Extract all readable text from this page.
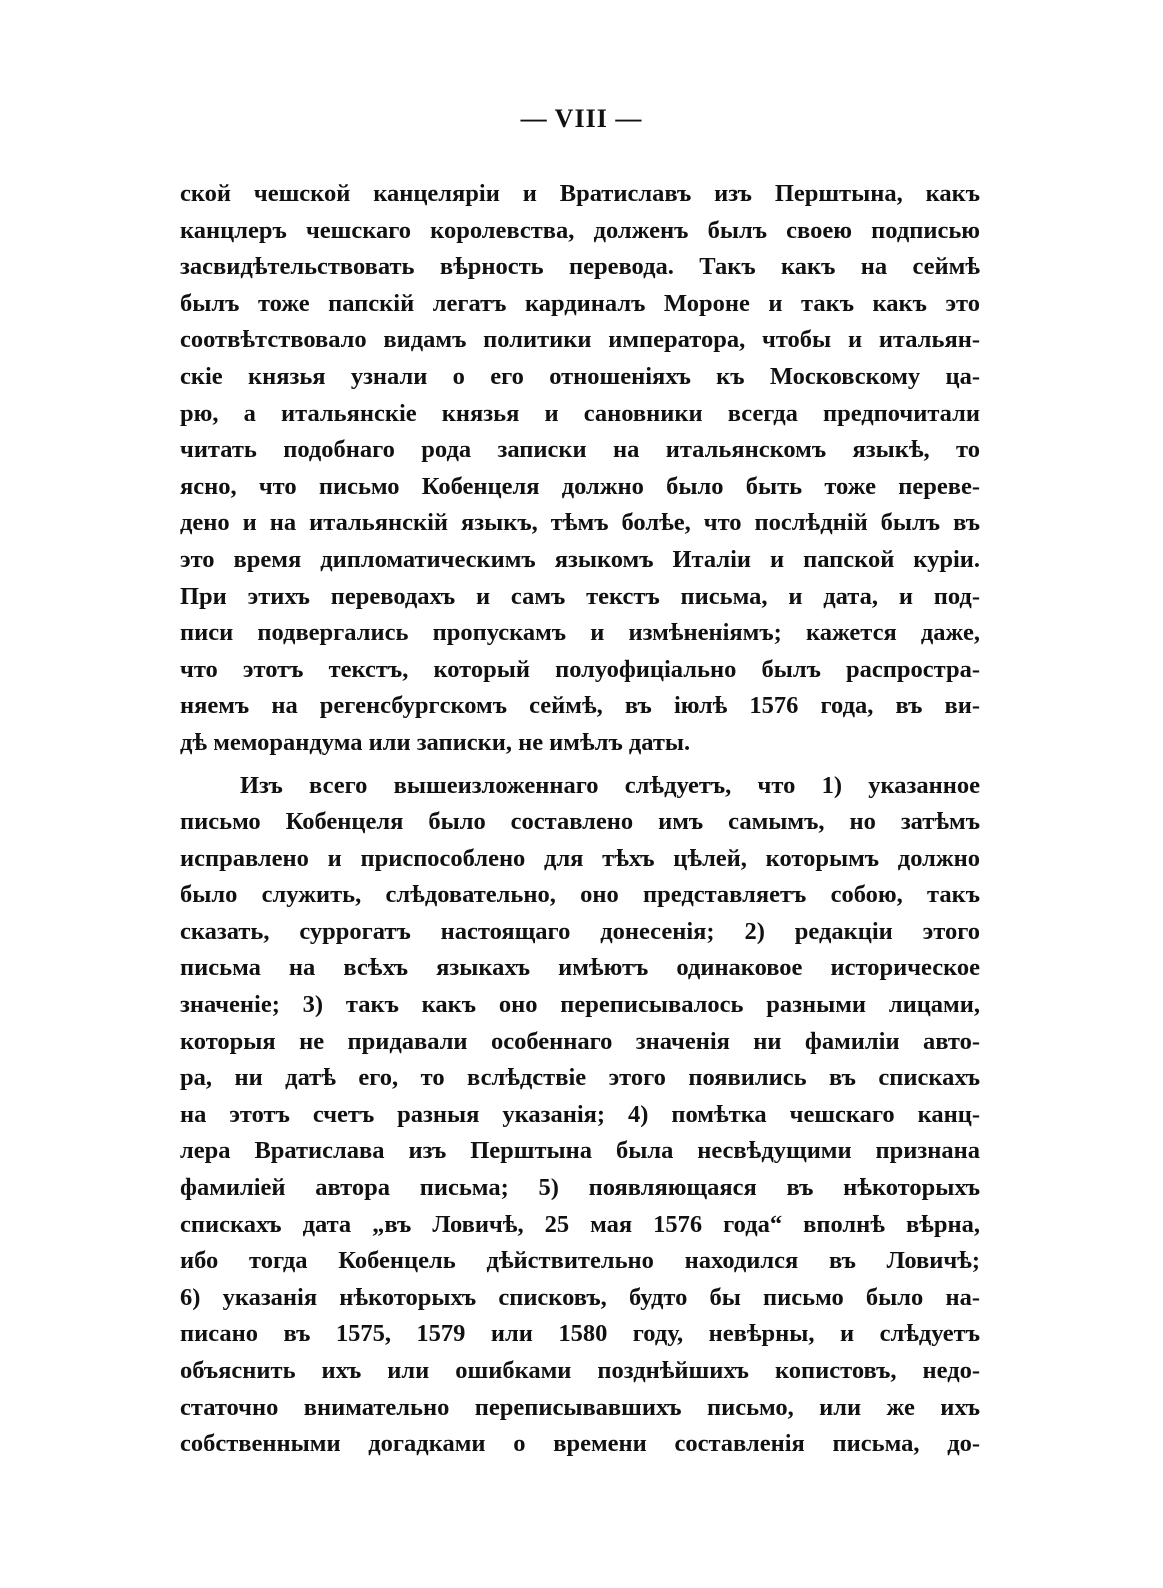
— VIII —
ской чешской канцеляріи и Вратиславъ изъ Перштына, какъ
канцлеръ чешскаго королевства, долженъ былъ своею подписью
засвидѣтельствовать вѣрность перевода. Такъ какъ на сеймѣ
былъ тоже папскій легатъ кардиналъ Мороне и такъ какъ это
соотвѣтствовало видамъ политики императора, чтобы и итальян-
скіе князья узнали о его отношеніяхъ къ Московскому ца-
рю, а итальянскіе князья и сановники всегда предпочитали
читать подобнаго рода записки на итальянскомъ языкѣ, то
ясно, что письмо Кобенцеля должно было быть тоже переве-
дено и на итальянскій языкъ, тѣмъ болѣе, что послѣдній былъ въ
это время дипломатическимъ языкомъ Италіи и папской куріи.
При этихъ переводахъ и самъ текстъ письма, и дата, и под-
писи подвергались пропускамъ и измѣненіямъ; кажется даже,
что этотъ текстъ, который полуофиціально былъ распростра-
няемъ на регенсбургскомъ сеймѣ, въ іюлѣ 1576 года, въ ви-
дѣ меморандума или записки, не имѣлъ даты.
Изъ всего вышеизложеннаго слѣдуетъ, что 1) указанное
письмо Кобенцеля было составлено имъ самымъ, но затѣмъ
исправлено и приспособлено для тѣхъ цѣлей, которымъ должно
было служить, слѣдовательно, оно представляетъ собою, такъ
сказать, суррогатъ настоящаго донесенія; 2) редакціи этого
письма на всѣхъ языкахъ имѣютъ одинаковое историческое
значеніе; 3) такъ какъ оно переписывалось разными лицами,
которыя не придавали особеннаго значенія ни фамиліи авто-
ра, ни датѣ его, то вслѣдствіе этого появились въ спискахъ
на этотъ счетъ разныя указанія; 4) помѣтка чешскаго канц-
лера Вратислава изъ Перштына была несвѣдущими признана
фамиліей автора письма; 5) появляющаяся въ нѣкоторыхъ
спискахъ дата „въ Ловичѣ, 25 мая 1576 года“ вполнѣ вѣрна,
ибо тогда Кобенцель дѣйствительно находился въ Ловичѣ;
6) указанія нѣкоторыхъ списковъ, будто бы письмо было на-
писано въ 1575, 1579 или 1580 году, невѣрны, и слѣдуетъ
объяснить ихъ или ошибками позднѣйшихъ копистовъ, недо-
статочно внимательно переписывавшихъ письмо, или же ихъ
собственными догадками о времени составленія письма, до-
